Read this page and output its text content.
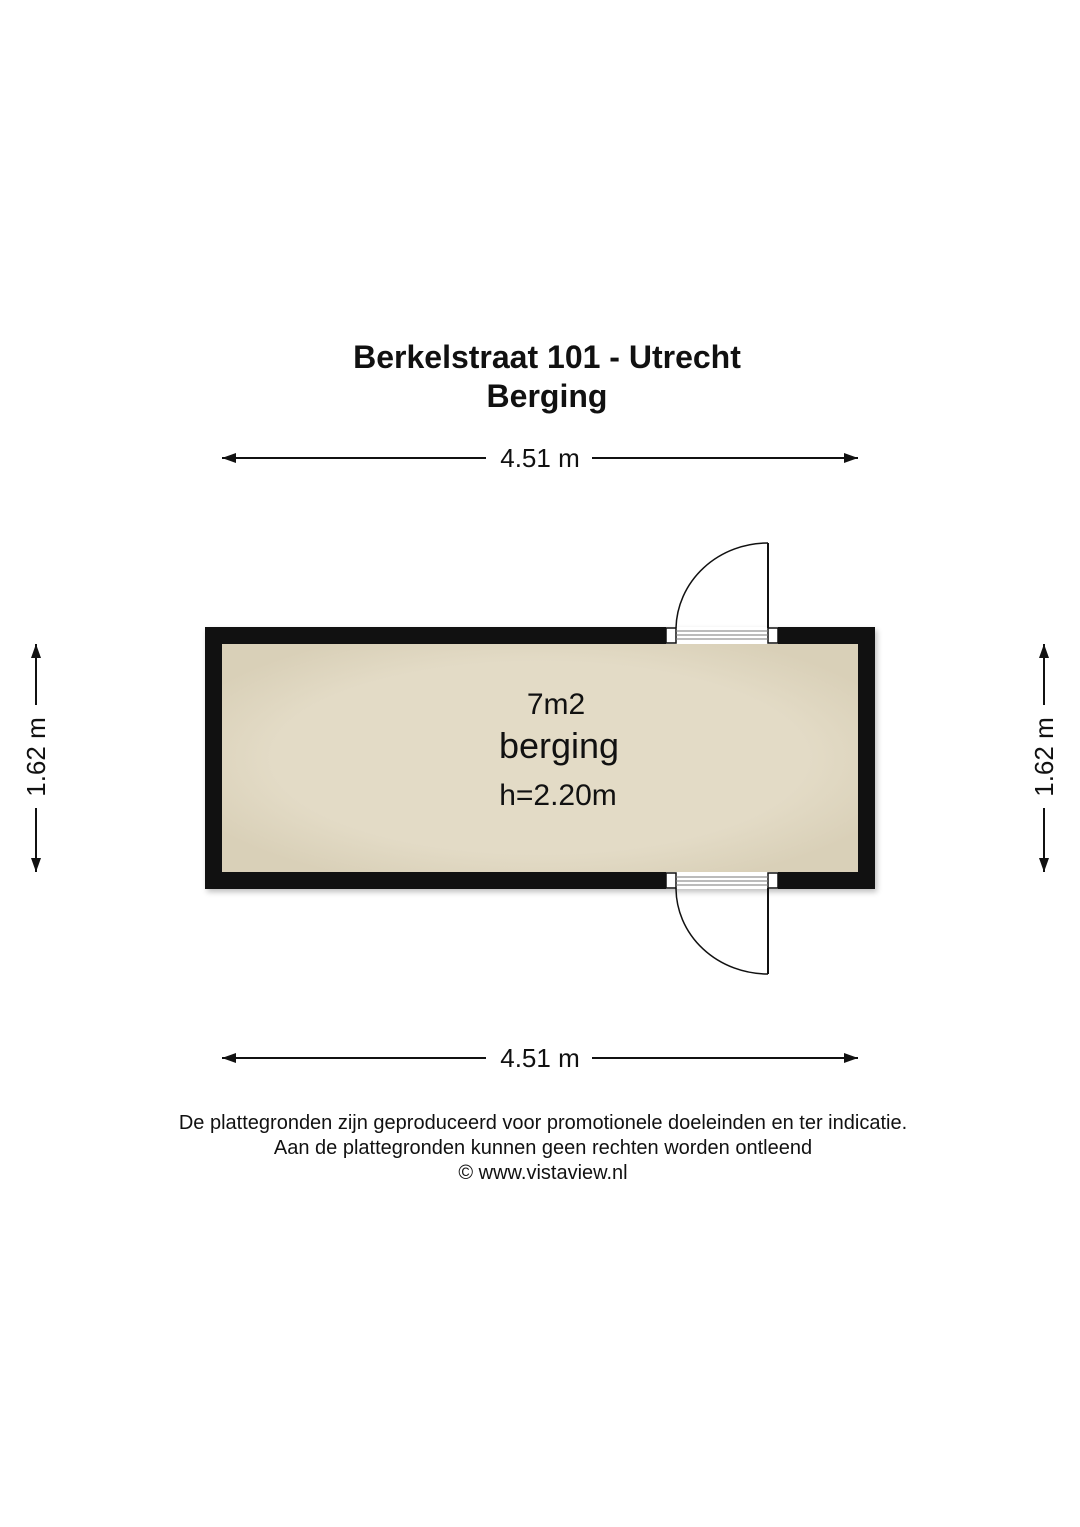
Berkelstraat 101 - Utrecht
Berging
4.51 m
4.51 m
1.62 m	1.62 m
7m2
berging
h=2.20m
De plattegronden zijn geproduceerd voor promotionele doeleinden en ter indicatie.
Aan de plattegronden kunnen geen rechten worden ontleend
© www.vistaview.nl
